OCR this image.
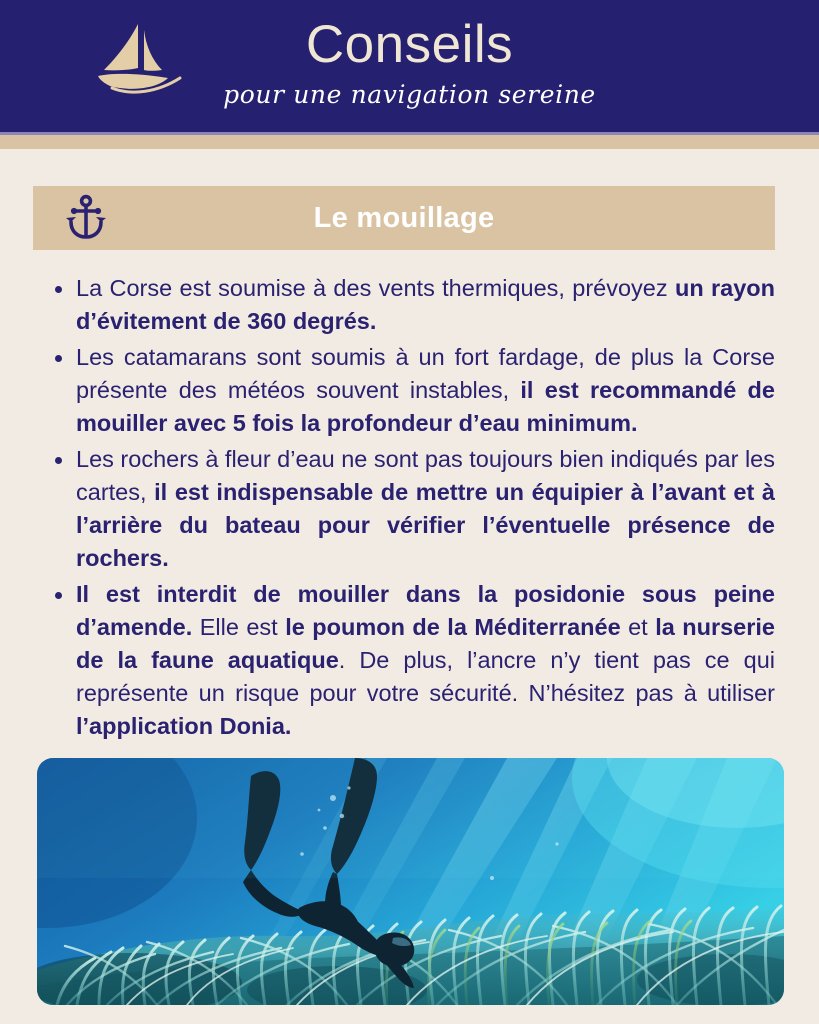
Conseils
pour une navigation sereine
Le mouillage
La Corse est soumise à des vents thermiques, prévoyez un rayon d’évitement de 360 degrés.
Les catamarans sont soumis à un fort fardage, de plus la Corse présente des météos souvent instables, il est recommandé de mouiller avec 5 fois la profondeur d’eau minimum.
Les rochers à fleur d’eau ne sont pas toujours bien indiqués par les cartes, il est indispensable de mettre un équipier à l’avant et à l’arrière du bateau pour vérifier l’éventuelle présence de rochers.
Il est interdit de mouiller dans la posidonie sous peine d’amende. Elle est le poumon de la Méditerranée et la nurserie de la faune aquatique. De plus, l’ancre n’y tient pas ce qui représente un risque pour votre sécurité. N’hésitez pas à utiliser l’application Donia.
